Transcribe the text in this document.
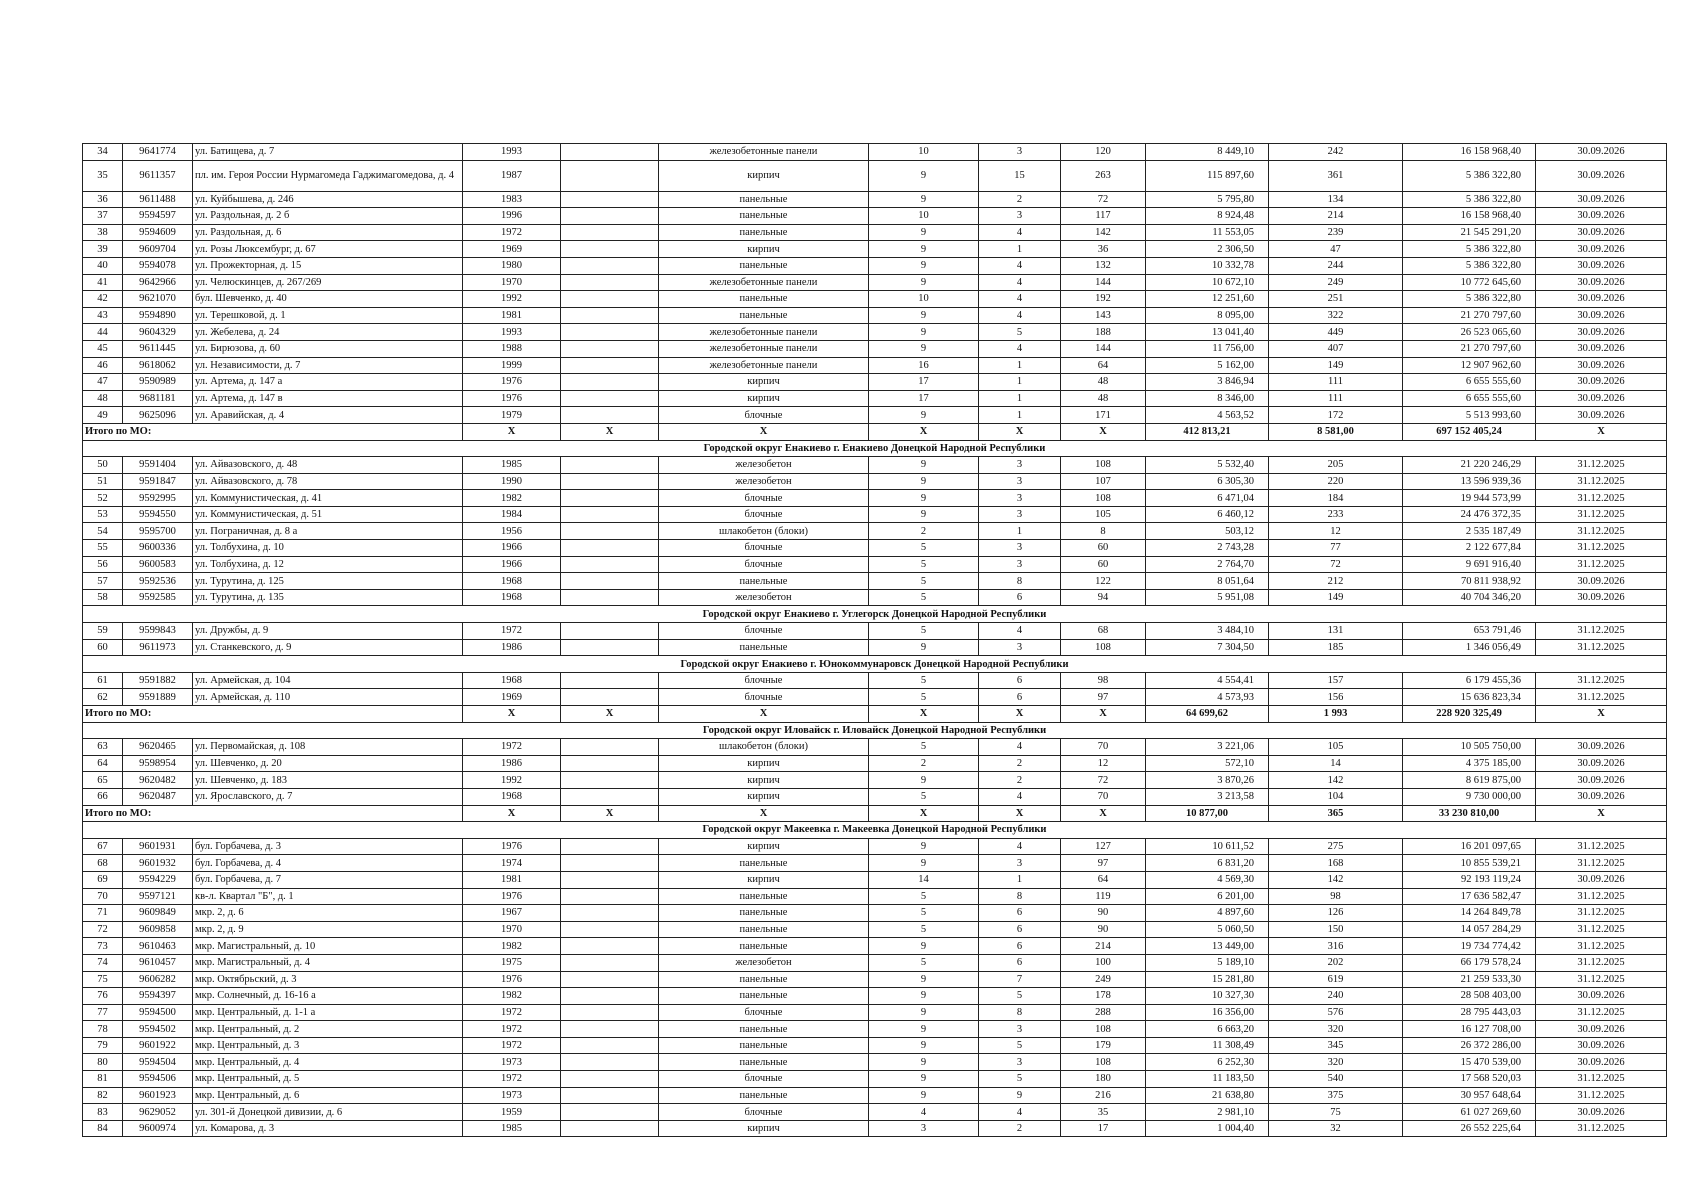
34	9641774	ул. Батищева, д. 7	1993		железобетонные панели	10	3	120	8 449,10	242	16 158 968,40	30.09.2026
35	9611357	пл. им. Героя России Нурмагомеда Гаджимагомедова, д. 4	1987		кирпич	9	15	263	115 897,60	361	5 386 322,80	30.09.2026
36	9611488	ул. Куйбышева, д. 246	1983		панельные	9	2	72	5 795,80	134	5 386 322,80	30.09.2026
37	9594597	ул. Раздольная, д. 2 б	1996		панельные	10	3	117	8 924,48	214	16 158 968,40	30.09.2026
38	9594609	ул. Раздольная, д. 6	1972		панельные	9	4	142	11 553,05	239	21 545 291,20	30.09.2026
39	9609704	ул. Розы Люксембург, д. 67	1969		кирпич	9	1	36	2 306,50	47	5 386 322,80	30.09.2026
40	9594078	ул. Прожекторная, д. 15	1980		панельные	9	4	132	10 332,78	244	5 386 322,80	30.09.2026
41	9642966	ул. Челюскинцев, д. 267/269	1970		железобетонные панели	9	4	144	10 672,10	249	10 772 645,60	30.09.2026
42	9621070	бул. Шевченко, д. 40	1992		панельные	10	4	192	12 251,60	251	5 386 322,80	30.09.2026
43	9594890	ул. Терешковой, д. 1	1981		панельные	9	4	143	8 095,00	322	21 270 797,60	30.09.2026
44	9604329	ул. Жебелева, д. 24	1993		железобетонные панели	9	5	188	13 041,40	449	26 523 065,60	30.09.2026
45	9611445	ул. Бирюзова, д. 60	1988		железобетонные панели	9	4	144	11 756,00	407	21 270 797,60	30.09.2026
46	9618062	ул. Независимости, д. 7	1999		железобетонные панели	16	1	64	5 162,00	149	12 907 962,60	30.09.2026
47	9590989	ул. Артема, д. 147 а	1976		кирпич	17	1	48	3 846,94	111	6 655 555,60	30.09.2026
48	9681181	ул. Артема, д. 147 в	1976		кирпич	17	1	48	8 346,00	111	6 655 555,60	30.09.2026
49	9625096	ул. Аравийская, д. 4	1979		блочные	9	1	171	4 563,52	172	5 513 993,60	30.09.2026
Итого по МО:			X	X	X	X	X	X	412 813,21	8 581,00	697 152 405,24	X
Городской округ Енакиево г. Енакиево Донецкой Народной Республики												
50	9591404	ул. Айвазовского, д. 48	1985		железобетон	9	3	108	5 532,40	205	21 220 246,29	31.12.2025
51	9591847	ул. Айвазовского, д. 78	1990		железобетон	9	3	107	6 305,30	220	13 596 939,36	31.12.2025
52	9592995	ул. Коммунистическая, д. 41	1982		блочные	9	3	108	6 471,04	184	19 944 573,99	31.12.2025
53	9594550	ул. Коммунистическая, д. 51	1984		блочные	9	3	105	6 460,12	233	24 476 372,35	31.12.2025
54	9595700	ул. Пограничная, д. 8 а	1956		шлакобетон (блоки)	2	1	8	503,12	12	2 535 187,49	31.12.2025
55	9600336	ул. Толбухина, д. 10	1966		блочные	5	3	60	2 743,28	77	2 122 677,84	31.12.2025
56	9600583	ул. Толбухина, д. 12	1966		блочные	5	3	60	2 764,70	72	9 691 916,40	31.12.2025
57	9592536	ул. Турутина, д. 125	1968		панельные	5	8	122	8 051,64	212	70 811 938,92	30.09.2026
58	9592585	ул. Турутина, д. 135	1968		железобетон	5	6	94	5 951,08	149	40 704 346,20	30.09.2026
Городской округ Енакиево г. Углегорск Донецкой Народной Республики												
59	9599843	ул. Дружбы, д. 9	1972		блочные	5	4	68	3 484,10	131	653 791,46	31.12.2025
60	9611973	ул. Станкевского, д. 9	1986		панельные	9	3	108	7 304,50	185	1 346 056,49	31.12.2025
Городской округ Енакиево г. Юнокоммунаровск Донецкой Народной Республики												
61	9591882	ул. Армейская, д. 104	1968		блочные	5	6	98	4 554,41	157	6 179 455,36	31.12.2025
62	9591889	ул. Армейская, д. 110	1969		блочные	5	6	97	4 573,93	156	15 636 823,34	31.12.2025
Итого по МО:			X	X	X	X	X	X	64 699,62	1 993	228 920 325,49	X
Городской округ Иловайск г. Иловайск Донецкой Народной Республики												
63	9620465	ул. Первомайская, д. 108	1972		шлакобетон (блоки)	5	4	70	3 221,06	105	10 505 750,00	30.09.2026
64	9598954	ул. Шевченко, д. 20	1986		кирпич	2	2	12	572,10	14	4 375 185,00	30.09.2026
65	9620482	ул. Шевченко, д. 183	1992		кирпич	9	2	72	3 870,26	142	8 619 875,00	30.09.2026
66	9620487	ул. Ярославского, д. 7	1968		кирпич	5	4	70	3 213,58	104	9 730 000,00	30.09.2026
Итого по МО:			X	X	X	X	X	X	10 877,00	365	33 230 810,00	X
Городской округ Макеевка г. Макеевка Донецкой Народной Республики												
67	9601931	бул. Горбачева, д. 3	1976		кирпич	9	4	127	10 611,52	275	16 201 097,65	31.12.2025
68	9601932	бул. Горбачева, д. 4	1974		панельные	9	3	97	6 831,20	168	10 855 539,21	31.12.2025
69	9594229	бул. Горбачева, д. 7	1981		кирпич	14	1	64	4 569,30	142	92 193 119,24	30.09.2026
70	9597121	кв-л. Квартал "Б", д. 1	1976		панельные	5	8	119	6 201,00	98	17 636 582,47	31.12.2025
71	9609849	мкр. 2, д. 6	1967		панельные	5	6	90	4 897,60	126	14 264 849,78	31.12.2025
72	9609858	мкр. 2, д. 9	1970		панельные	5	6	90	5 060,50	150	14 057 284,29	31.12.2025
73	9610463	мкр. Магистральный, д. 10	1982		панельные	9	6	214	13 449,00	316	19 734 774,42	31.12.2025
74	9610457	мкр. Магистральный, д. 4	1975		железобетон	5	6	100	5 189,10	202	66 179 578,24	31.12.2025
75	9606282	мкр. Октябрьский, д. 3	1976		панельные	9	7	249	15 281,80	619	21 259 533,30	31.12.2025
76	9594397	мкр. Солнечный, д. 16-16 а	1982		панельные	9	5	178	10 327,30	240	28 508 403,00	30.09.2026
77	9594500	мкр. Центральный, д. 1-1 а	1972		блочные	9	8	288	16 356,00	576	28 795 443,03	31.12.2025
78	9594502	мкр. Центральный, д. 2	1972		панельные	9	3	108	6 663,20	320	16 127 708,00	30.09.2026
79	9601922	мкр. Центральный, д. 3	1972		панельные	9	5	179	11 308,49	345	26 372 286,00	30.09.2026
80	9594504	мкр. Центральный, д. 4	1973		панельные	9	3	108	6 252,30	320	15 470 539,00	30.09.2026
81	9594506	мкр. Центральный, д. 5	1972		блочные	9	5	180	11 183,50	540	17 568 520,03	31.12.2025
82	9601923	мкр. Центральный, д. 6	1973		панельные	9	9	216	21 638,80	375	30 957 648,64	31.12.2025
83	9629052	ул. 301-й Донецкой дивизии, д. 6	1959		блочные	4	4	35	2 981,10	75	61 027 269,60	30.09.2026
84	9600974	ул. Комарова, д. 3	1985		кирпич	3	2	17	1 004,40	32	26 552 225,64	31.12.2025
